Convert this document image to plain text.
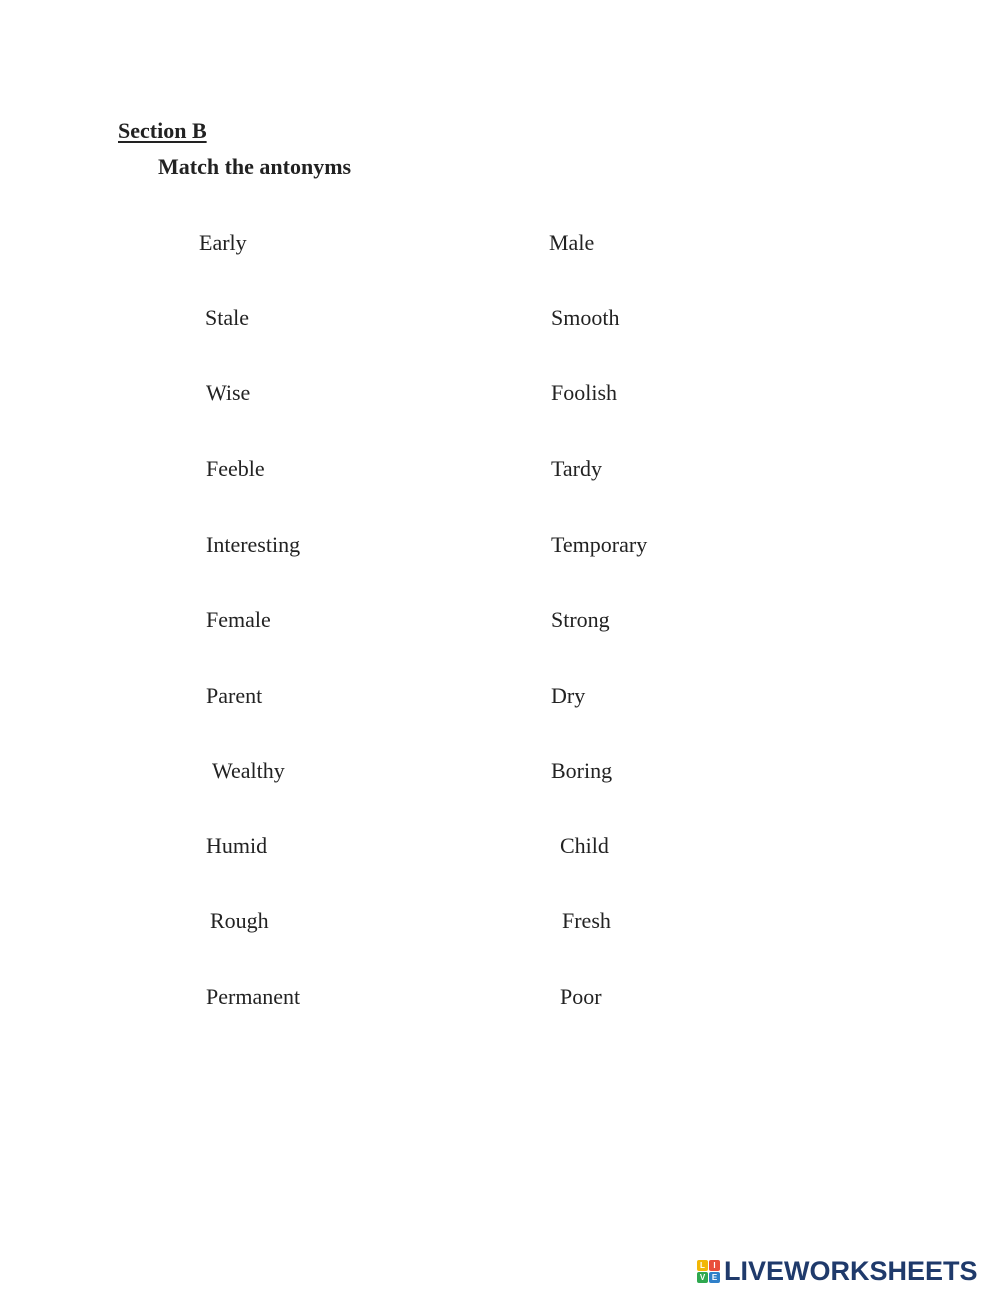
Section B
Match the antonyms
Early
Stale
Wise
Feeble
Interesting
Female
Parent
Wealthy
Humid
Rough
Permanent
Male
Smooth
Foolish
Tardy
Temporary
Strong
Dry
Boring
Child
Fresh
Poor
L	I
V E LIVEWORKSHEETS
